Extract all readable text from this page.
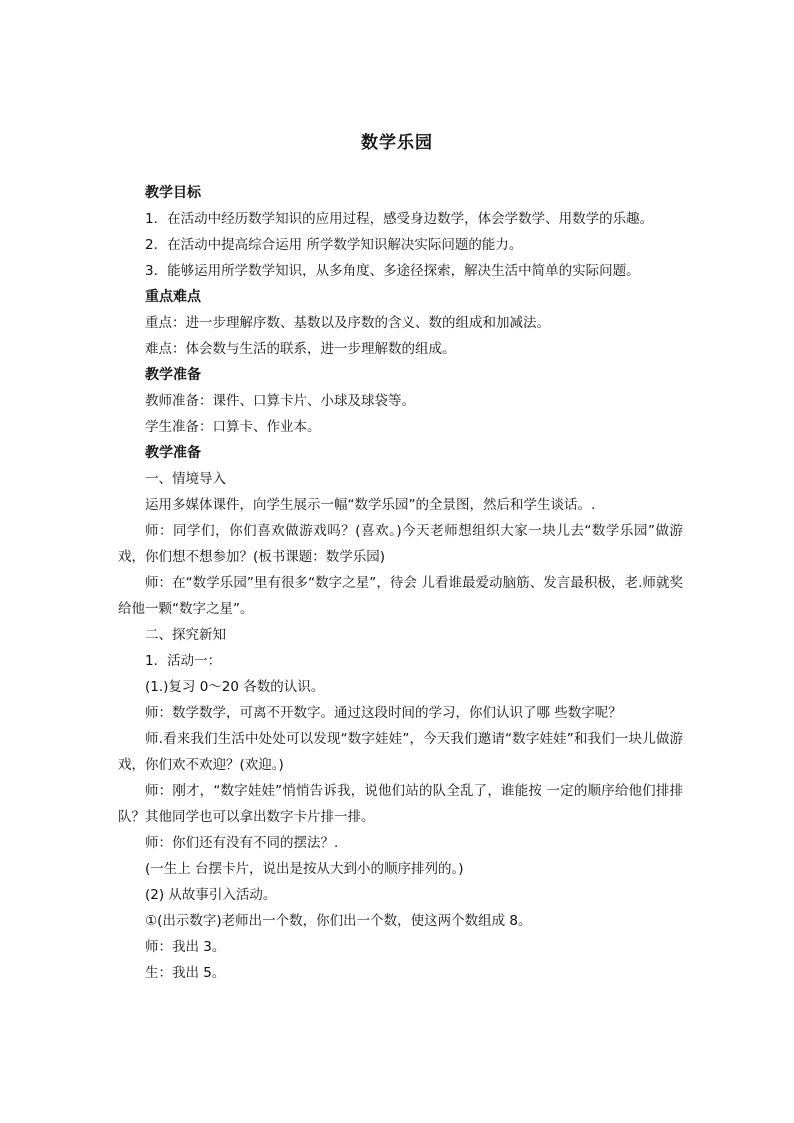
数学乐园
教学目标
1．在活动中经历数学知识的应用过程，感受身边数学，体会学数学、用数学的乐趣。
2．在活动中提高综合运用 所学数学知识解决实际问题的能力。
3．能够运用所学数学知识，从多角度、多途径探索，解决生活中简单的实际问题。
重点难点
重点：进一步理解序数、基数以及序数的含义、数的组成和加减法。
难点：体会数与生活的联系，进一步理解数的组成。
教学准备
教师准备：课件、口算卡片、小球及球袋等。
学生准备：口算卡、作业本。
教学准备
一、情境导入
运用多媒体课件，向学生展示一幅“数学乐园”的全景图，然后和学生谈话。.
师：同学们，你们喜欢做游戏吗？(喜欢。)今天老师想组织大家一块儿去“数学乐园”做游戏，你们想不想参加？(板书课题：数学乐园)
师：在“数学乐园”里有很多“数字之星”，待会 儿看谁最爱动脑筋、发言最积极，老.师就奖给他一颗“数字之星”。
二、探究新知
1．活动一：
(1.)复习 0～20 各数的认识。
师：数学数学，可离不开数字。通过这段时间的学习，你们认识了哪 些数字呢？
师.看来我们生活中处处可以发现“数字娃娃”，今天我们邀请“数字娃娃”和我们一块儿做游戏，你们欢不欢迎？(欢迎。)
师：刚才，“数字娃娃”悄悄告诉我，说他们站的队全乱了，谁能按 一定的顺序给他们排排队？其他同学也可以拿出数字卡片排一排。
师：你们还有没有不同的摆法？.
(一生上 台摆卡片，说出是按从大到小的顺序排列的。)
(2) 从故事引入活动。
①(出示数字)老师出一个数，你们出一个数，使这两个数组成 8。
师：我出 3。
生：我出 5。
